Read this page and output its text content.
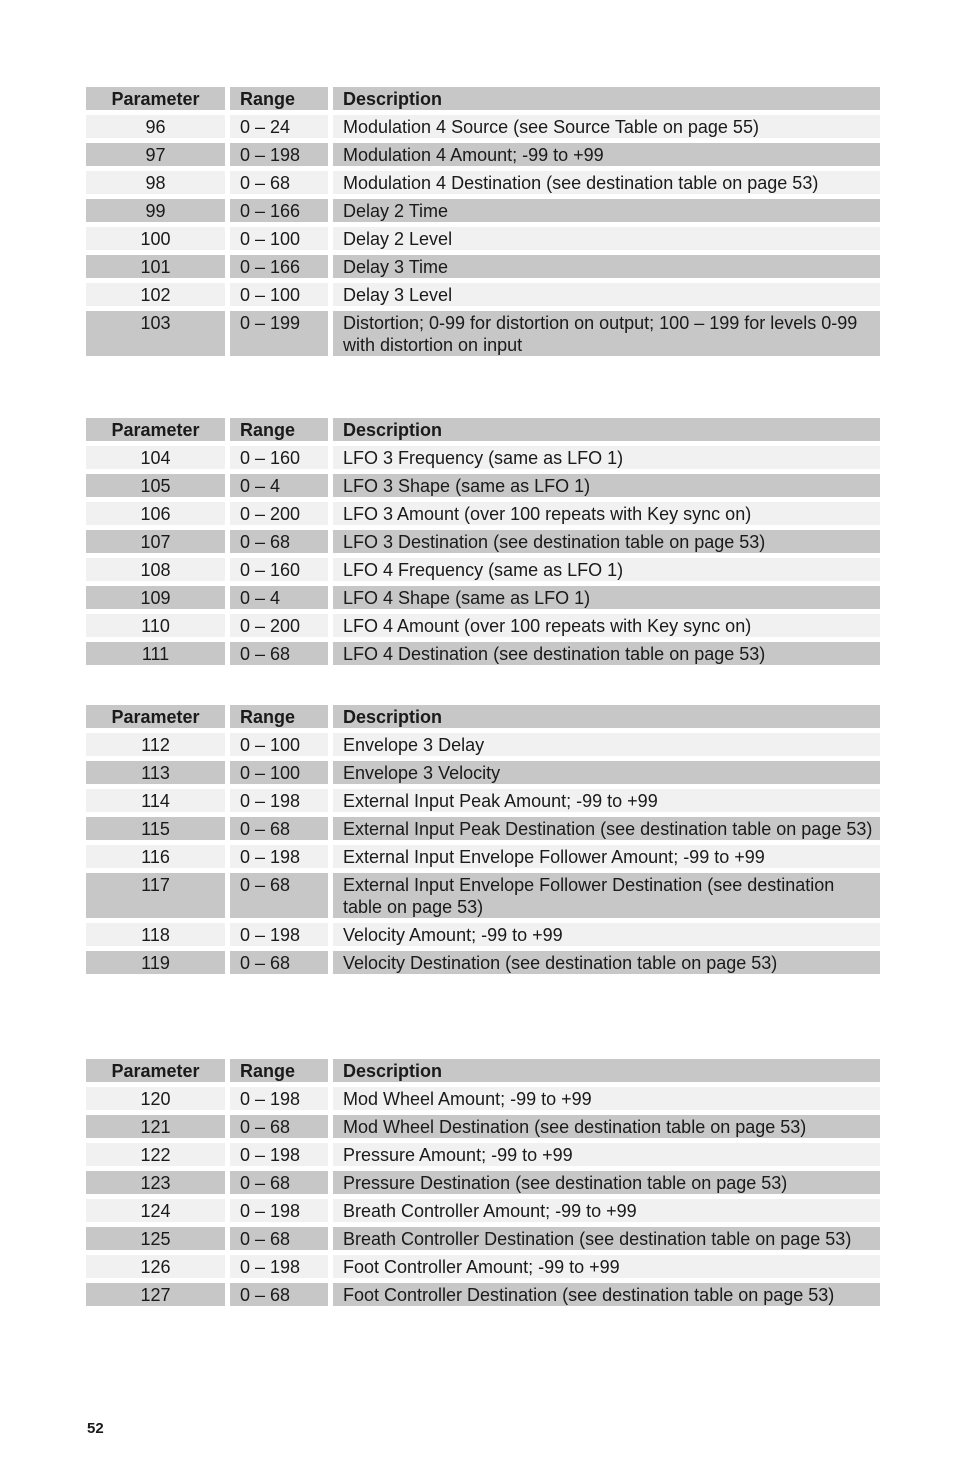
Parameter	Range	Description
96	0 – 24	Modulation 4 Source (see Source Table on page 55)
97	0 – 198	Modulation 4 Amount; -99 to +99
98	0 – 68	Modulation 4 Destination (see destination table on page 53)
99	0 – 166	Delay 2 Time
100	0 – 100	Delay 2 Level
101	0 – 166	Delay 3 Time
102	0 – 100	Delay 3 Level
103	0 – 199	Distortion; 0-99 for distortion on output; 100 – 199 for levels 0-99 with distortion on input
Parameter	Range	Description
104	0 – 160	LFO 3 Frequency (same as LFO 1)
105	0 – 4	LFO 3 Shape (same as LFO 1)
106	0 – 200	LFO 3 Amount (over 100 repeats with Key sync on)
107	0 – 68	LFO 3 Destination (see destination table on page 53)
108	0 – 160	LFO 4 Frequency (same as LFO 1)
109	0 – 4	LFO 4 Shape (same as LFO 1)
110	0 – 200	LFO 4 Amount (over 100 repeats with Key sync on)
111	0 – 68	LFO 4 Destination (see destination table on page 53)
Parameter	Range	Description
112	0 – 100	Envelope 3 Delay
113	0 – 100	Envelope 3 Velocity
114	0 – 198	External Input Peak Amount; -99 to +99
115	0 – 68	External Input Peak Destination (see destination table on page 53)
116	0 – 198	External Input Envelope Follower Amount; -99 to +99
117	0 – 68	External Input Envelope Follower Destination (see destination table on page 53)
118	0 – 198	Velocity Amount; -99 to +99
119	0 – 68	Velocity Destination (see destination table on page 53)
Parameter	Range	Description
120	0 – 198	Mod Wheel Amount; -99 to +99
121	0 – 68	Mod Wheel Destination (see destination table on page 53)
122	0 – 198	Pressure Amount; -99 to +99
123	0 – 68	Pressure Destination (see destination table on page 53)
124	0 – 198	Breath Controller Amount; -99 to +99
125	0 – 68	Breath Controller Destination (see destination table on page 53)
126	0 – 198	Foot Controller Amount; -99 to +99
127	0 – 68	Foot Controller Destination (see destination table on page 53)
52
